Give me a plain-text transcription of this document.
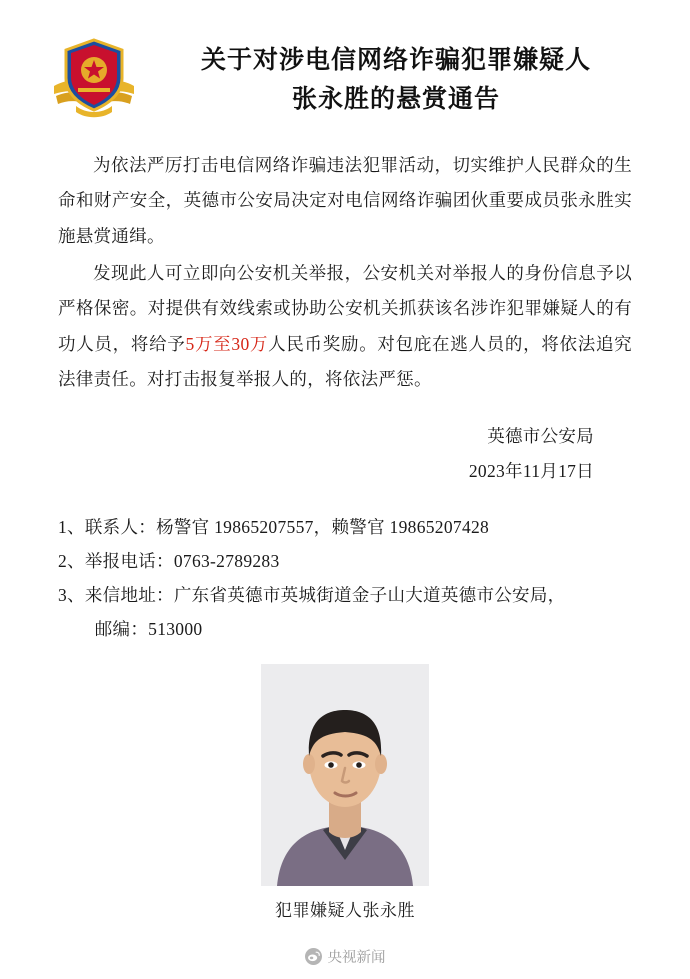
关于对涉电信网络诈骗犯罪嫌疑人
张永胜的悬赏通告

为依法严厉打击电信网络诈骗违法犯罪活动，切实维护人民群众的生命和财产安全，英德市公安局决定对电信网络诈骗团伙重要成员张永胜实施悬赏通缉。

发现此人可立即向公安机关举报，公安机关对举报人的身份信息予以严格保密。对提供有效线索或协助公安机关抓获该名涉诈犯罪嫌疑人的有功人员，将给予5万至30万人民币奖励。对包庇在逃人员的，将依法追究法律责任。对打击报复举报人的，将依法严惩。

英德市公安局
2023年11月17日
1、联系人：杨警官 19865207557，赖警官 19865207428
2、举报电话：0763-2789283
3、来信地址：广东省英德市英城街道金子山大道英德市公安局，
邮编：513000
犯罪嫌疑人张永胜
央视新闻
